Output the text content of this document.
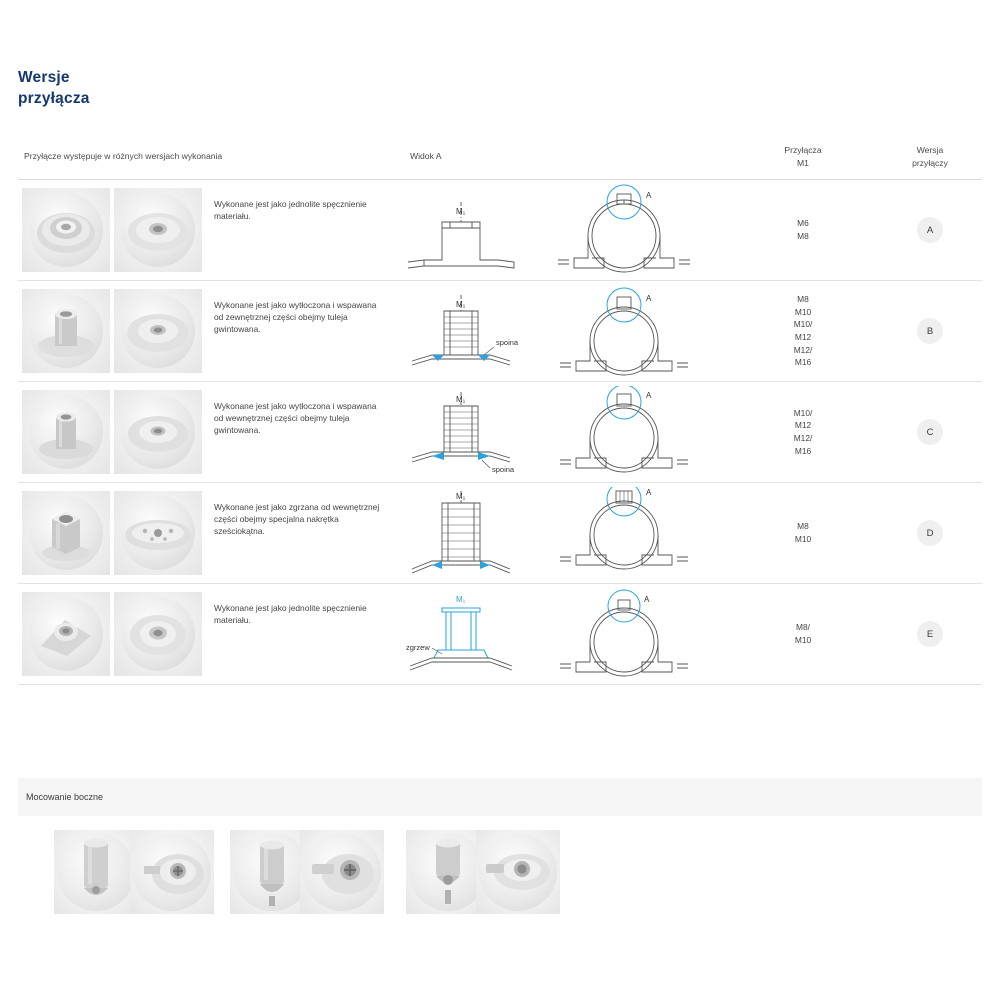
Wersje
przyłącza
Przyłącze występuje w różnych wersjach wykonania	Widok A
Przyłącza
M1
Wersja
przyłączy
Wykonane jest jako jednolite spęcznienie materiału.
A
M₁
M6
M8
A
Wykonane jest jako wytłoczona i wspawana od zewnętrznej części obejmy tuleja gwintowana.
A
M₁
spoina
M8
M10
M10/
M12
M12/
M16
B
Wykonane jest jako wytłoczona i wspawana od wewnętrznej części obejmy tuleja gwintowana.
A
M₁
spoina
M10/
M12
M12/
M16
C
Wykonane jest jako zgrzana od wewnętrznej części obejmy specjalna nakrętka sześciokątna.
A
M₁
M8
M10
D
Wykonane jest jako jednolite spęcznienie materiału.
A
M₁
zgrzew
M8/
M10
E
Mocowanie boczne
